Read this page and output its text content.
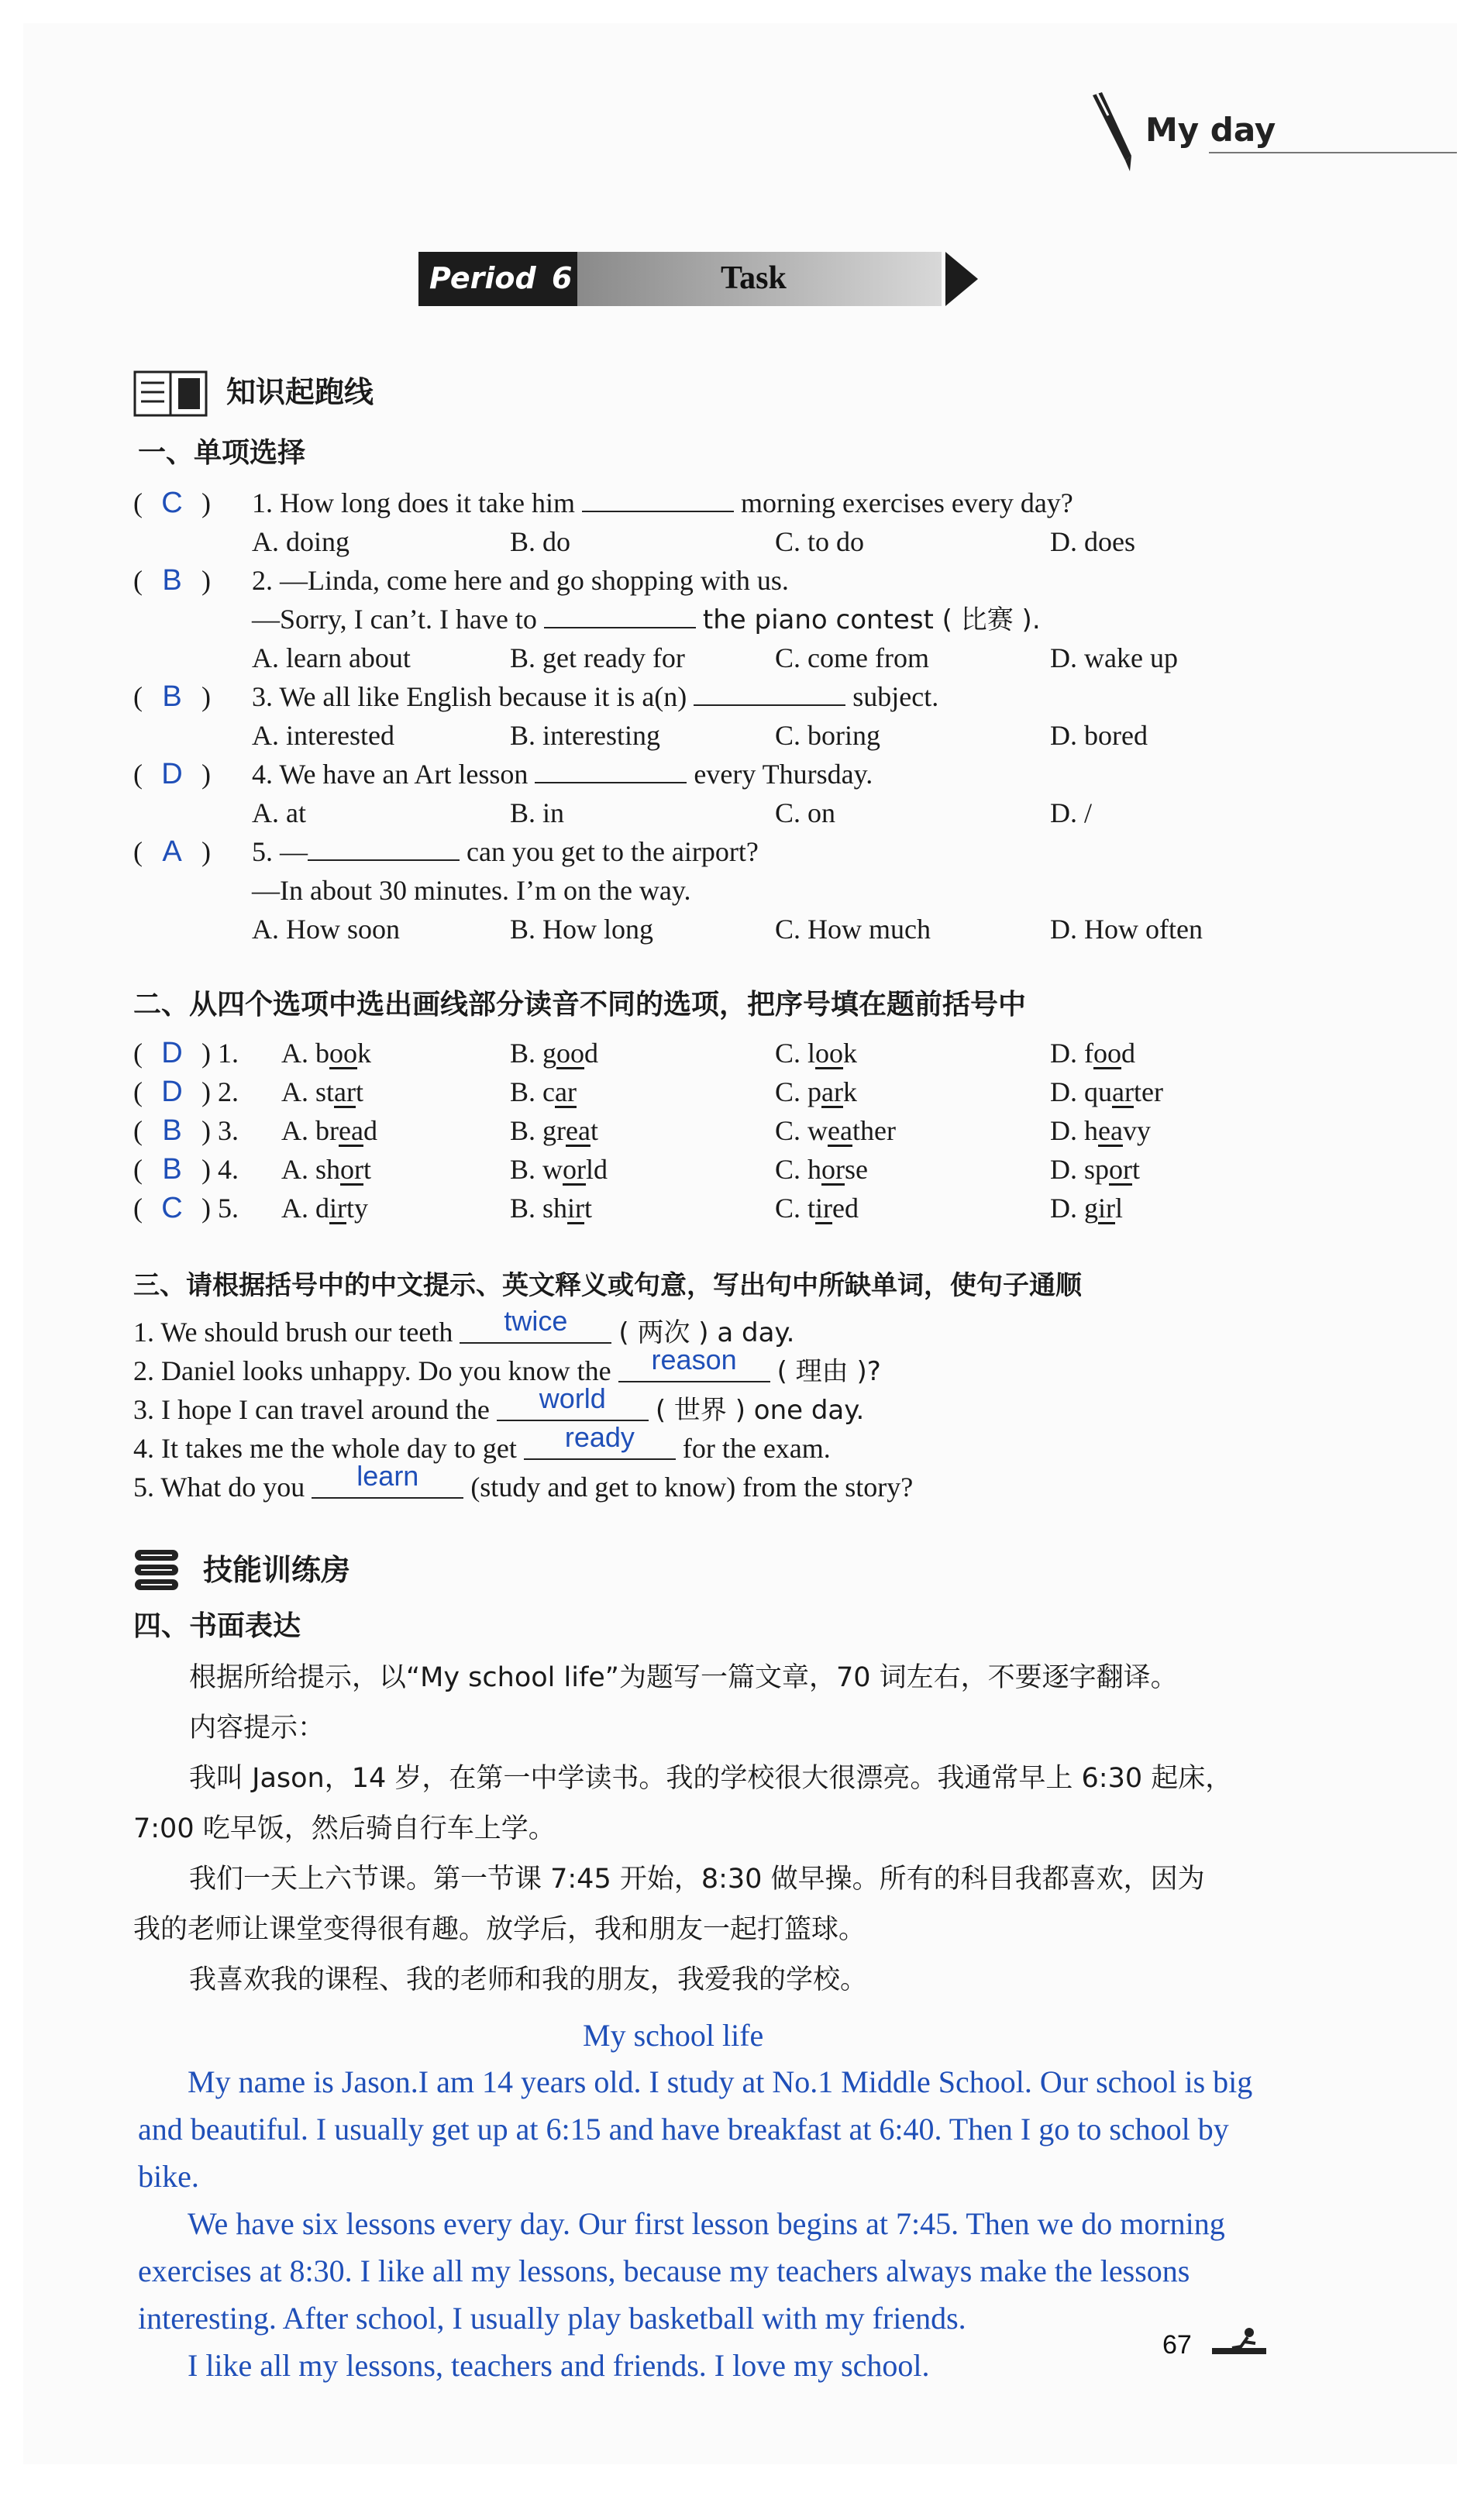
My day
Period 6	Task
知识起跑线
一、单项选择
( C ) 1. How long does it take him	morning exercises every day?
A. doing	B. do	C. to do	D. does
( B ) 2. —Linda, come here and go shopping with us.
—Sorry, I can’t. I have to	the piano contest ( 比赛 ).
A. learn about	B. get ready for	C. come from	D. wake up
( B ) 3. We all like English because it is a(n)	subject.
A. interested	B. interesting	C. boring	D. bored
( D ) 4. We have an Art lesson	every Thursday.
A. at	B. in	C. on	D. /
( A ) 5. —	can you get to the airport?
—In about 30 minutes. I’m on the way.
A. How soon	B. How long	C. How much	D. How often
二、从四个选项中选出画线部分读音不同的选项，把序号填在题前括号中
( D ) 1. A. book	B. good	C. look	D. food
( D ) 2. A. start	B. car	C. park	D. quarter
( B ) 3. A. bread	B. great	C. weather	D. heavy
( B ) 4. A. short	B. world	C. horse	D. sport
( C ) 5. A. dirty	B. shirt	C. tired	D. girl
三、请根据括号中的中文提示、英文释义或句意，写出句中所缺单词，使句子通顺
1. We should brush our teeth twice ( 两次 ) a day.
2. Daniel looks unhappy. Do you know the reason ( 理由 )?
3. I hope I can travel around the world ( 世界 ) one day.
4. It takes me the whole day to get ready for the exam.
5. What do you learn (study and get to know) from the story?
技能训练房
四、书面表达
根据所给提示，以“My school life”为题写一篇文章，70 词左右，不要逐字翻译。
内容提示：
我叫 Jason，14 岁，在第一中学读书。我的学校很大很漂亮。我通常早上 6:30 起床，
7:00 吃早饭，然后骑自行车上学。
我们一天上六节课。第一节课 7:45 开始，8:30 做早操。所有的科目我都喜欢，因为
我的老师让课堂变得很有趣。放学后，我和朋友一起打篮球。
我喜欢我的课程、我的老师和我的朋友，我爱我的学校。
My school life
My name is Jason.I am 14 years old. I study at No.1 Middle School. Our school is big
and beautiful. I usually get up at 6:15 and have breakfast at 6:40. Then I go to school by
bike.
We have six lessons every day. Our first lesson begins at 7:45. Then we do morning
exercises at 8:30. I like all my lessons, because my teachers always make the lessons
interesting. After school, I usually play basketball with my friends.
I like all my lessons, teachers and friends. I love my school.
67
